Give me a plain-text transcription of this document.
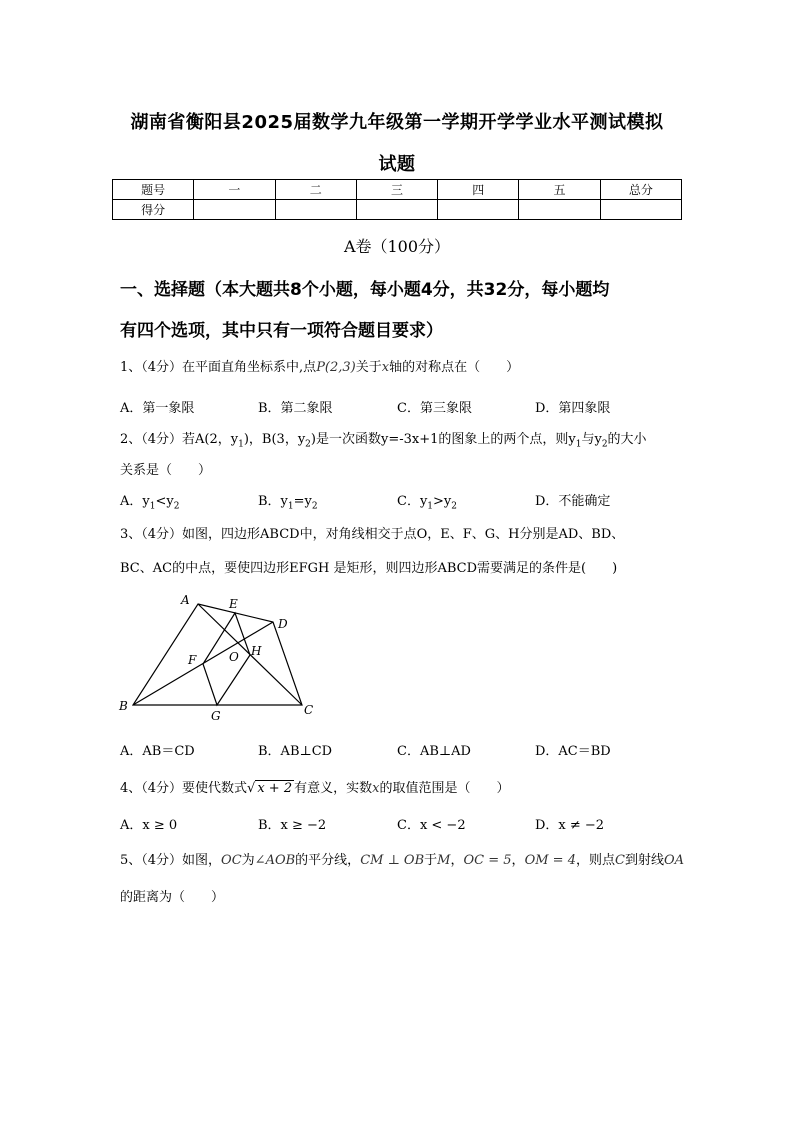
湖南省衡阳县2025届数学九年级第一学期开学学业水平测试模拟
试题
题号	一	二	三	四	五	总分
得分						
A卷（100分）
一、选择题（本大题共8个小题，每小题4分，共32分，每小题均
有四个选项，其中只有一项符合题目要求）
1、（4分）在平面直角坐标系中,点P(2,3)关于x轴的对称点在（　　）
A．第一象限	B．第二象限	C．第三象限	D．第四象限
2、（4分）若A(2，$y_1$)，B(3，$y_2$)是一次函数y=-3x+1的图象上的两个点，则$y_1$与$y_2$的大小
关系是（　　）
A．$y_1<y_2$	B．$y_1=y_2$	C．$y_1>y_2$	D．不能确定
3、（4分）如图，四边形ABCD中，对角线相交于点O，E、F、G、H分别是AD、BD、
BC、AC的中点，要使四边形EFGH 是矩形，则四边形ABCD需要满足的条件是(　　)
A	E
D
F	O H
B
G	C
A．AB＝CD	B．AB⊥CD	C．AB⊥AD	D．AC＝BD
4、（4分）要使代数式√ x + 2 有意义，实数x的取值范围是（　　）
A．x ≥ 0	B．x ≥ −2	C．x < −2	D．x ≠ −2
5、（4分）如图，OC为∠AOB的平分线，CM ⊥ OB于M，OC = 5，OM = 4，则点C到射线OA
的距离为（　　）
